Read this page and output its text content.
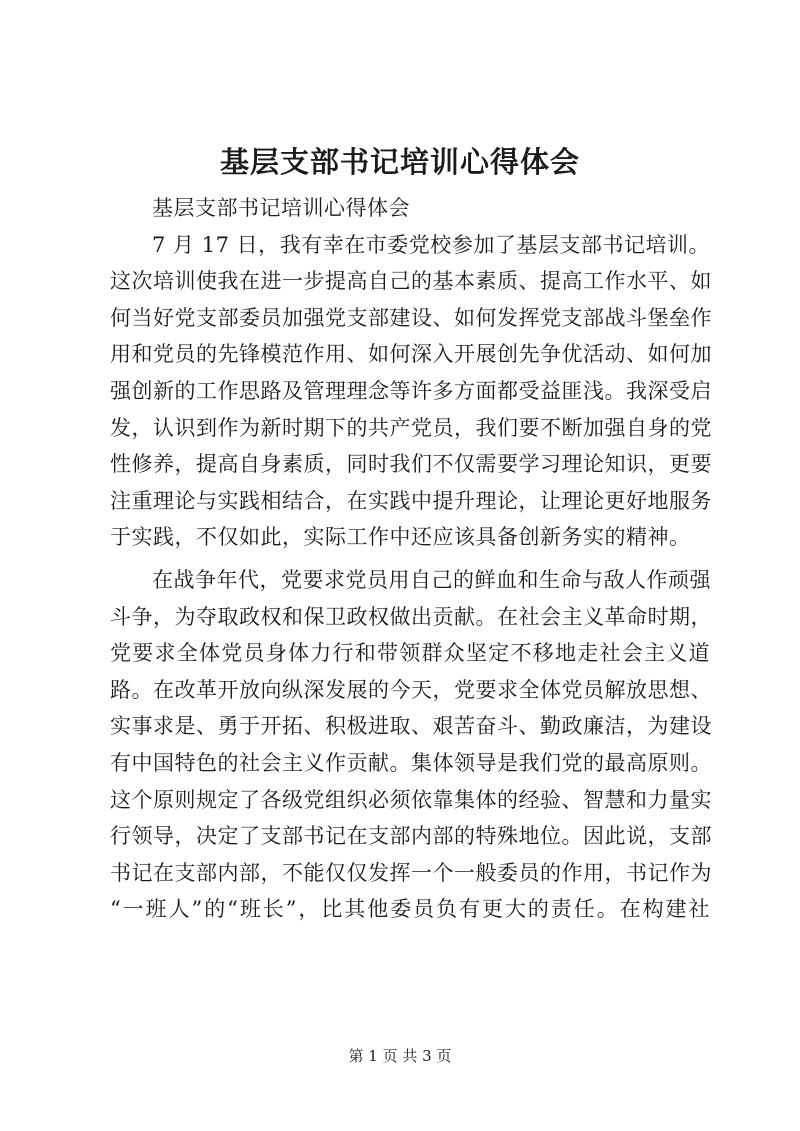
基层支部书记培训心得体会
基层支部书记培训心得体会
7 月 17 日，我有幸在市委党校参加了基层支部书记培训。
这次培训使我在进一步提高自己的基本素质、提高工作水平、如
何当好党支部委员加强党支部建设、如何发挥党支部战斗堡垒作
用和党员的先锋模范作用、如何深入开展创先争优活动、如何加
强创新的工作思路及管理理念等许多方面都受益匪浅。我深受启
发，认识到作为新时期下的共产党员，我们要不断加强自身的党
性修养，提高自身素质，同时我们不仅需要学习理论知识，更要
注重理论与实践相结合，在实践中提升理论，让理论更好地服务
于实践，不仅如此，实际工作中还应该具备创新务实的精神。
在战争年代，党要求党员用自己的鲜血和生命与敌人作顽强
斗争，为夺取政权和保卫政权做出贡献。在社会主义革命时期，
党要求全体党员身体力行和带领群众坚定不移地走社会主义道
路。在改革开放向纵深发展的今天，党要求全体党员解放思想、
实事求是、勇于开拓、积极进取、艰苦奋斗、勤政廉洁，为建设
有中国特色的社会主义作贡献。集体领导是我们党的最高原则。
这个原则规定了各级党组织必须依靠集体的经验、智慧和力量实
行领导，决定了支部书记在支部内部的特殊地位。因此说，支部
书记在支部内部，不能仅仅发挥一个一般委员的作用，书记作为
“一班人”的“班长”，比其他委员负有更大的责任。在构建社
第 1 页 共 3 页
